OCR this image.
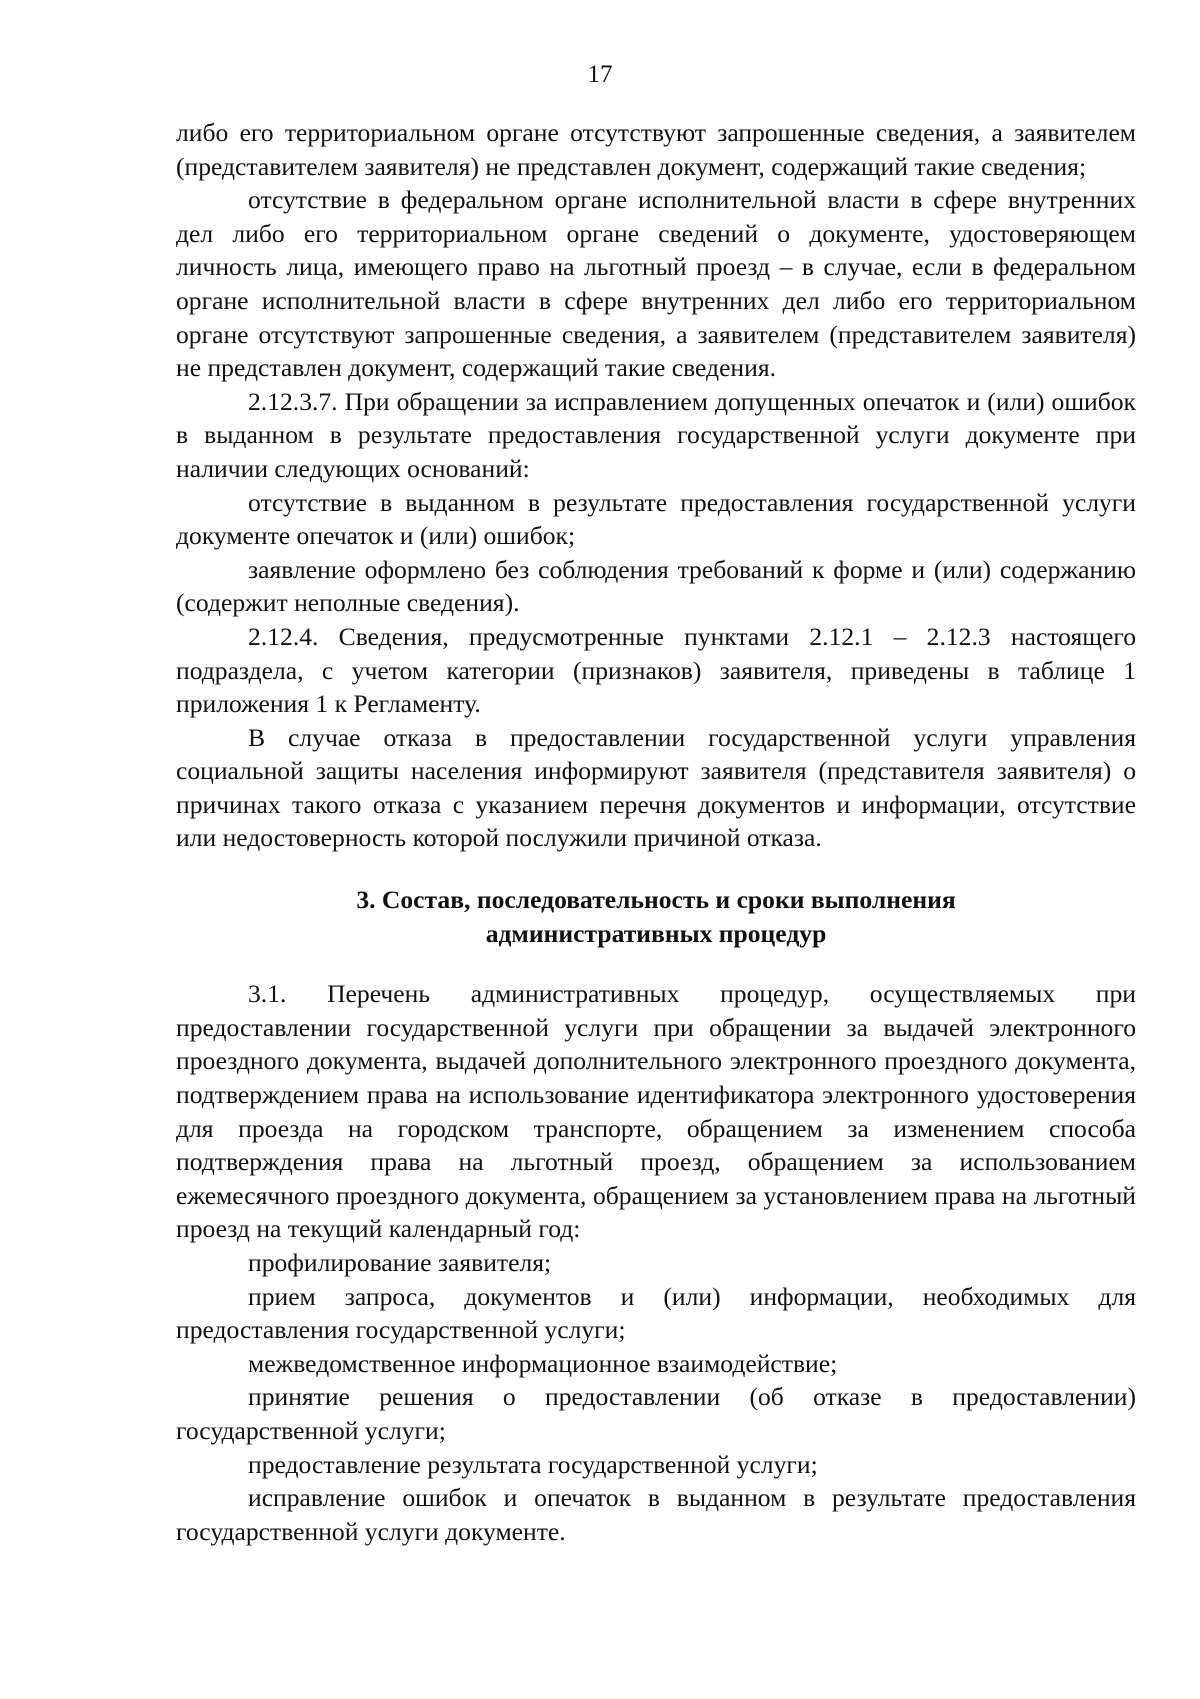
17

либо его территориальном органе отсутствуют запрошенные сведения, а заявителем (представителем заявителя) не представлен документ, содержащий такие сведения;

отсутствие в федеральном органе исполнительной власти в сфере внутренних дел либо его территориальном органе сведений о документе, удостоверяющем личность лица, имеющего право на льготный проезд – в случае, если в федеральном органе исполнительной власти в сфере внутренних дел либо его территориальном органе отсутствуют запрошенные сведения, а заявителем (представителем заявителя) не представлен документ, содержащий такие сведения.

2.12.3.7. При обращении за исправлением допущенных опечаток и (или) ошибок в выданном в результате предоставления государственной услуги документе при наличии следующих оснований:

отсутствие в выданном в результате предоставления государственной услуги документе опечаток и (или) ошибок;

заявление оформлено без соблюдения требований к форме и (или) содержанию (содержит неполные сведения).

2.12.4. Сведения, предусмотренные пунктами 2.12.1 – 2.12.3 настоящего подраздела, с учетом категории (признаков) заявителя, приведены в таблице 1 приложения 1 к Регламенту.

В случае отказа в предоставлении государственной услуги управления социальной защиты населения информируют заявителя (представителя заявителя) о причинах такого отказа с указанием перечня документов и информации, отсутствие или недостоверность которой послужили причиной отказа.

3. Состав, последовательность и сроки выполнения
административных процедур

3.1. Перечень административных процедур, осуществляемых при предоставлении государственной услуги при обращении за выдачей электронного проездного документа, выдачей дополнительного электронного проездного документа, подтверждением права на использование идентификатора электронного удостоверения для проезда на городском транспорте, обращением за изменением способа подтверждения права на льготный проезд, обращением за использованием ежемесячного проездного документа, обращением за установлением права на льготный проезд на текущий календарный год:

профилирование заявителя;

прием запроса, документов и (или) информации, необходимых для предоставления государственной услуги;

межведомственное информационное взаимодействие;

принятие решения о предоставлении (об отказе в предоставлении) государственной услуги;

предоставление результата государственной услуги;

исправление ошибок и опечаток в выданном в результате предоставления государственной услуги документе.
